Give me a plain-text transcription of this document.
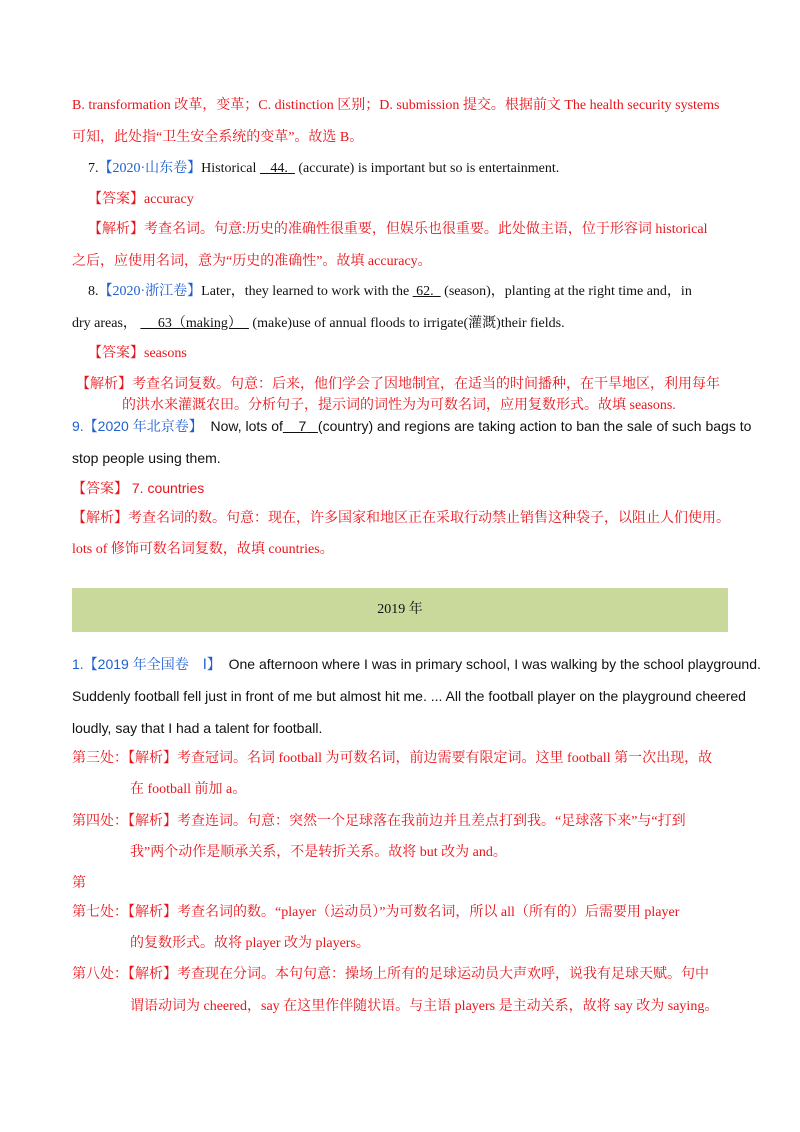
B. transformation 改革，变革；C. distinction 区别；D. submission 提交。根据前文 The health security systems
可知，此处指“卫生安全系统的变革”。故选 B。
7.【2020·山东卷】Historical 44. (accurate) is important but so is entertainment.
【答案】accuracy
【解析】考查名词。句意:历史的准确性很重要，但娱乐也很重要。此处做主语，位于形容词 historical
之后，应使用名词，意为“历史的准确性”。故填 accuracy。
8.【2020·浙江卷】Later，they learned to work with the 62. (season)，planting at the right time and，in
dry areas， 63（making） (make)use of annual floods to irrigate(灌溉)their fields.
【答案】seasons
【解析】考查名词复数。句意：后来，他们学会了因地制宜，在适当的时间播种，在干旱地区，利用每年
的洪水来灌溉农田。分析句子，提示词的词性为为可数名词，应用复数形式。故填 seasons.
9.【2020 年北京卷】 Now, lots of 7 (country) and regions are taking action to ban the sale of such bags to
stop people using them.
【答案】 7. countries
【解析】考查名词的数。句意：现在，许多国家和地区正在采取行动禁止销售这种袋子，以阻止人们使用。
lots of 修饰可数名词复数，故填 countries。
2019 年
1.【2019 年全国卷　Ⅰ】 One afternoon where I was in primary school, I was walking by the school playground.
Suddenly football fell just in front of me but almost hit me. ... All the football player on the playground cheered
loudly, say that I had a talent for football.
第三处：【解析】考查冠词。名词 football 为可数名词，前边需要有限定词。这里 football 第一次出现，故
在 football 前加 a。
第四处：【解析】考查连词。句意：突然一个足球落在我前边并且差点打到我。“足球落下来”与“打到
我”两个动作是顺承关系，不是转折关系。故将 but 改为 and。
第
第七处：【解析】考查名词的数。“player（运动员）”为可数名词，所以 all（所有的）后需要用 player
的复数形式。故将 player 改为 players。
第八处：【解析】考查现在分词。本句句意：操场上所有的足球运动员大声欢呼，说我有足球天赋。句中
谓语动词为 cheered，say 在这里作伴随状语。与主语 players 是主动关系，故将 say 改为 saying。
